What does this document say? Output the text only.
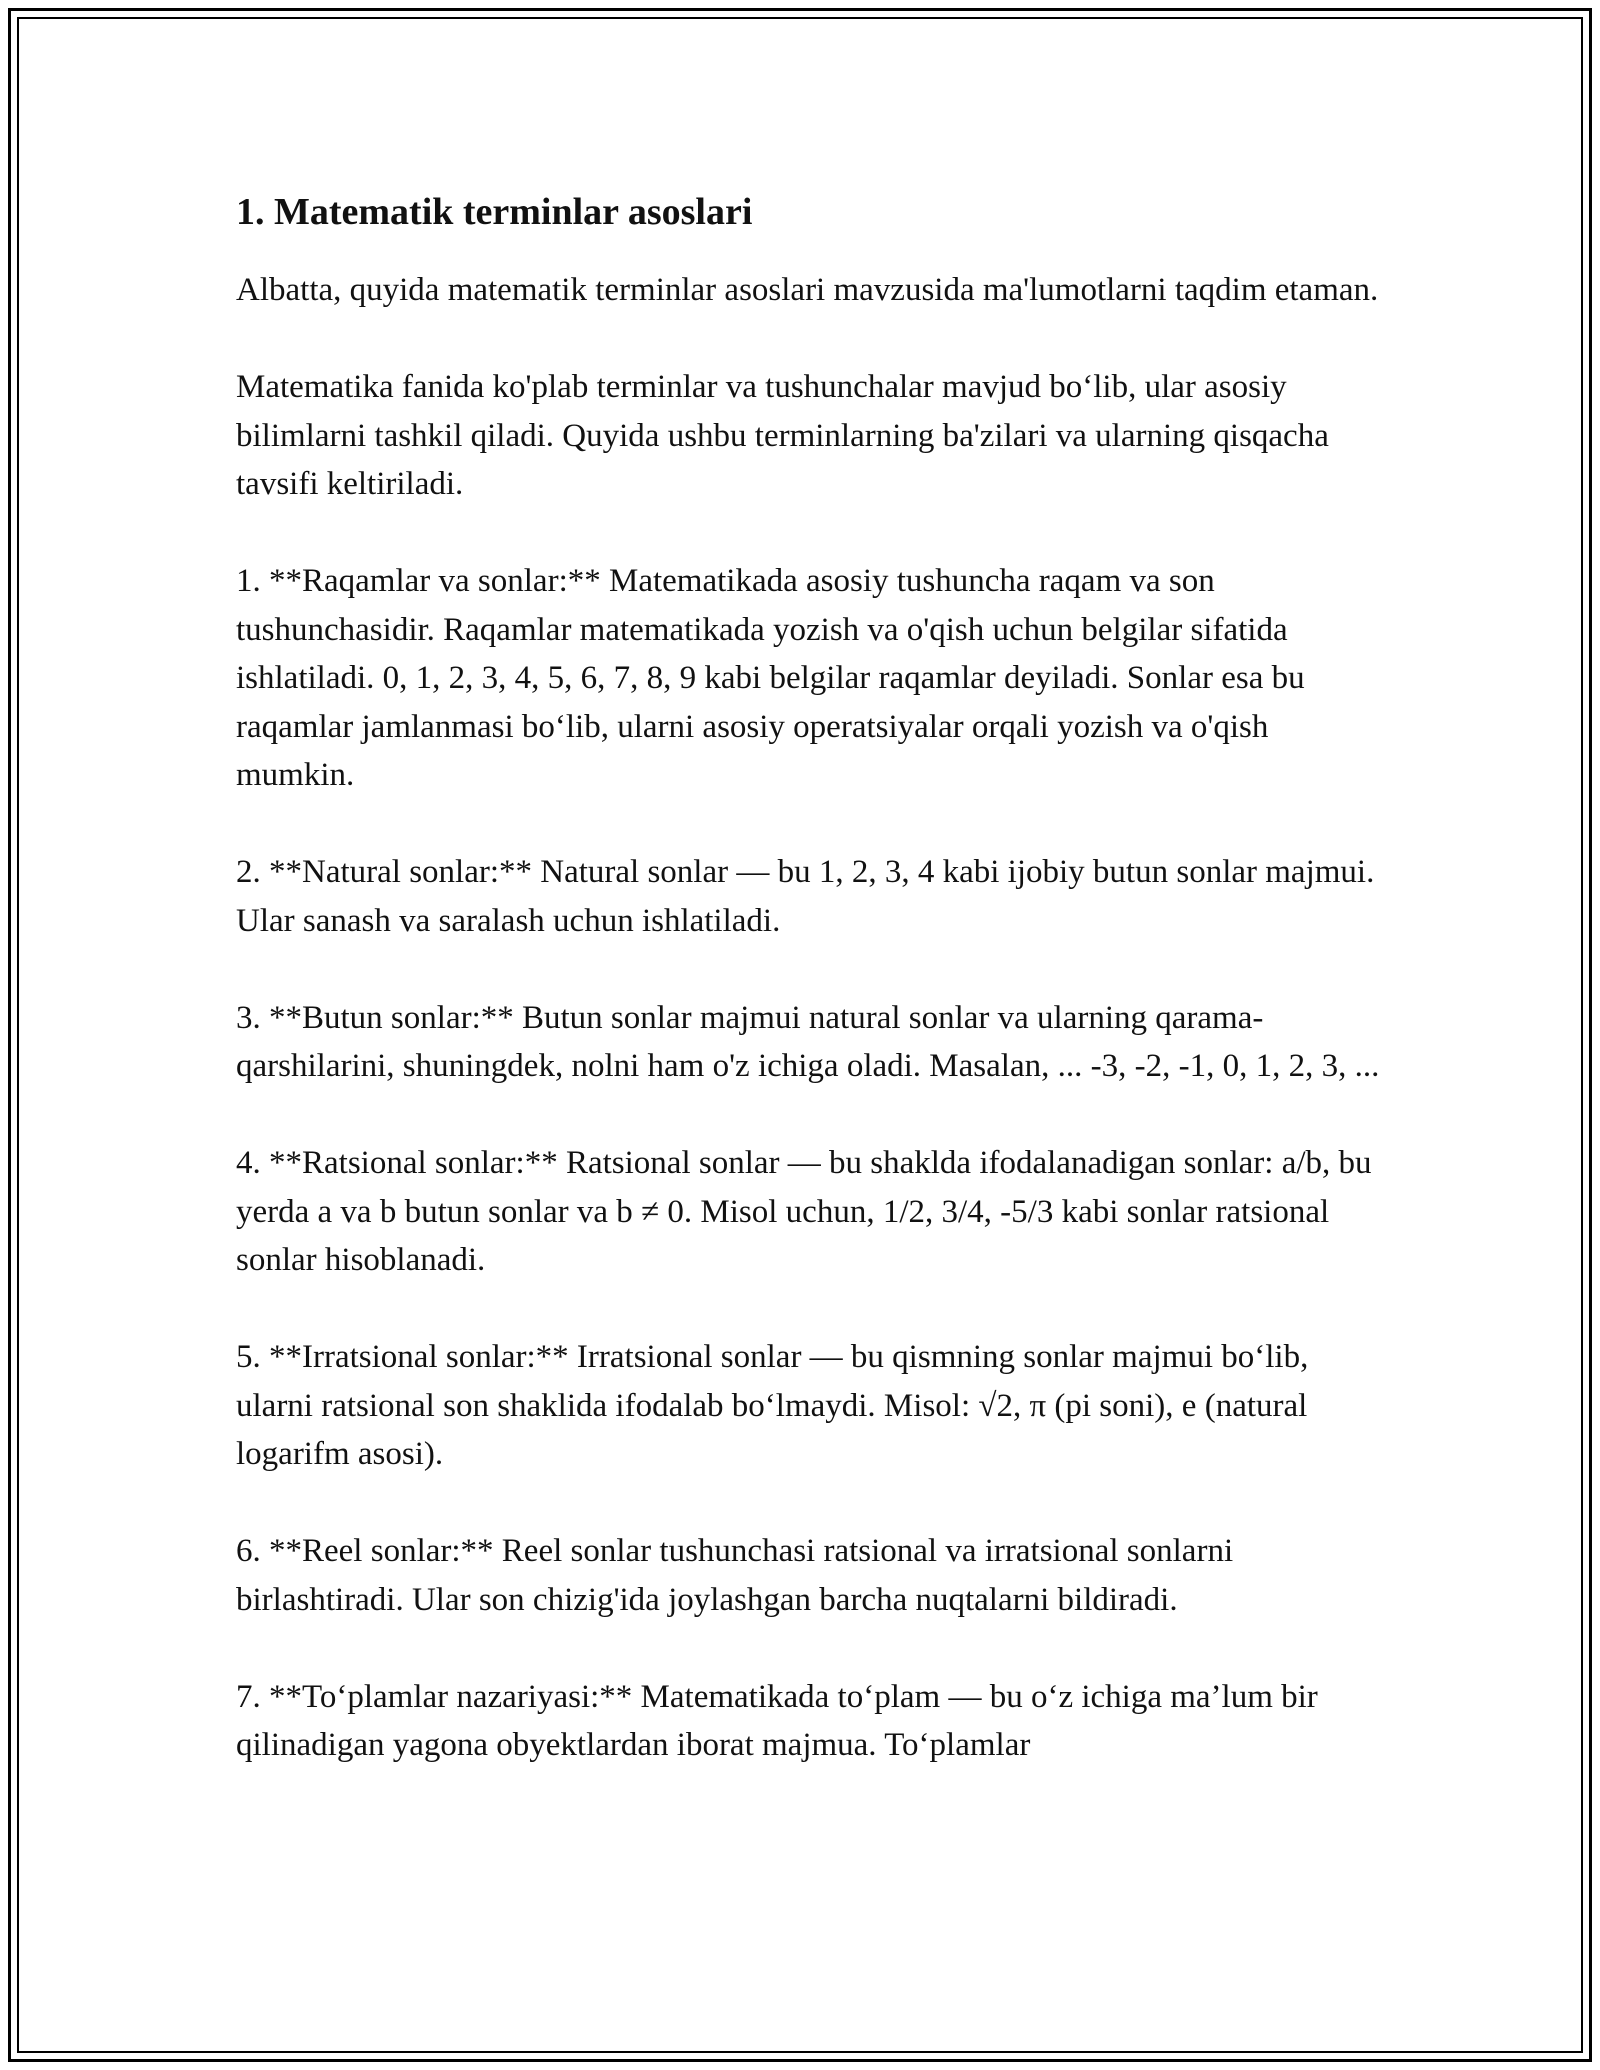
1. Matematik terminlar asoslari

Albatta, quyida matematik terminlar asoslari mavzusida ma'lumotlarni taqdim etaman.

Matematika fanida ko'plab terminlar va tushunchalar mavjud bo‘lib, ular asosiy bilimlarni tashkil qiladi. Quyida ushbu terminlarning ba'zilari va ularning qisqacha tavsifi keltiriladi.

1. **Raqamlar va sonlar:** Matematikada asosiy tushuncha raqam va son tushunchasidir. Raqamlar matematikada yozish va o'qish uchun belgilar sifatida ishlatiladi. 0, 1, 2, 3, 4, 5, 6, 7, 8, 9 kabi belgilar raqamlar deyiladi. Sonlar esa bu raqamlar jamlanmasi bo‘lib, ularni asosiy operatsiyalar orqali yozish va o'qish mumkin.

2. **Natural sonlar:** Natural sonlar — bu 1, 2, 3, 4 kabi ijobiy butun sonlar majmui. Ular sanash va saralash uchun ishlatiladi.

3. **Butun sonlar:** Butun sonlar majmui natural sonlar va ularning qarama-qarshilarini, shuningdek, nolni ham o'z ichiga oladi. Masalan, ... -3, -2, -1, 0, 1, 2, 3, ...

4. **Ratsional sonlar:** Ratsional sonlar — bu shaklda ifodalanadigan sonlar: a/b, bu yerda a va b butun sonlar va b ≠ 0. Misol uchun, 1/2, 3/4, -5/3 kabi sonlar ratsional sonlar hisoblanadi.

5. **Irratsional sonlar:** Irratsional sonlar — bu qismning sonlar majmui bo‘lib, ularni ratsional son shaklida ifodalab bo‘lmaydi. Misol: √2, π (pi soni), e (natural logarifm asosi).

6. **Reel sonlar:** Reel sonlar tushunchasi ratsional va irratsional sonlarni birlashtiradi. Ular son chizig'ida joylashgan barcha nuqtalarni bildiradi.

7. **To‘plamlar nazariyasi:** Matematikada to‘plam — bu o‘z ichiga ma’lum bir qilinadigan yagona obyektlardan iborat majmua. To‘plamlar
